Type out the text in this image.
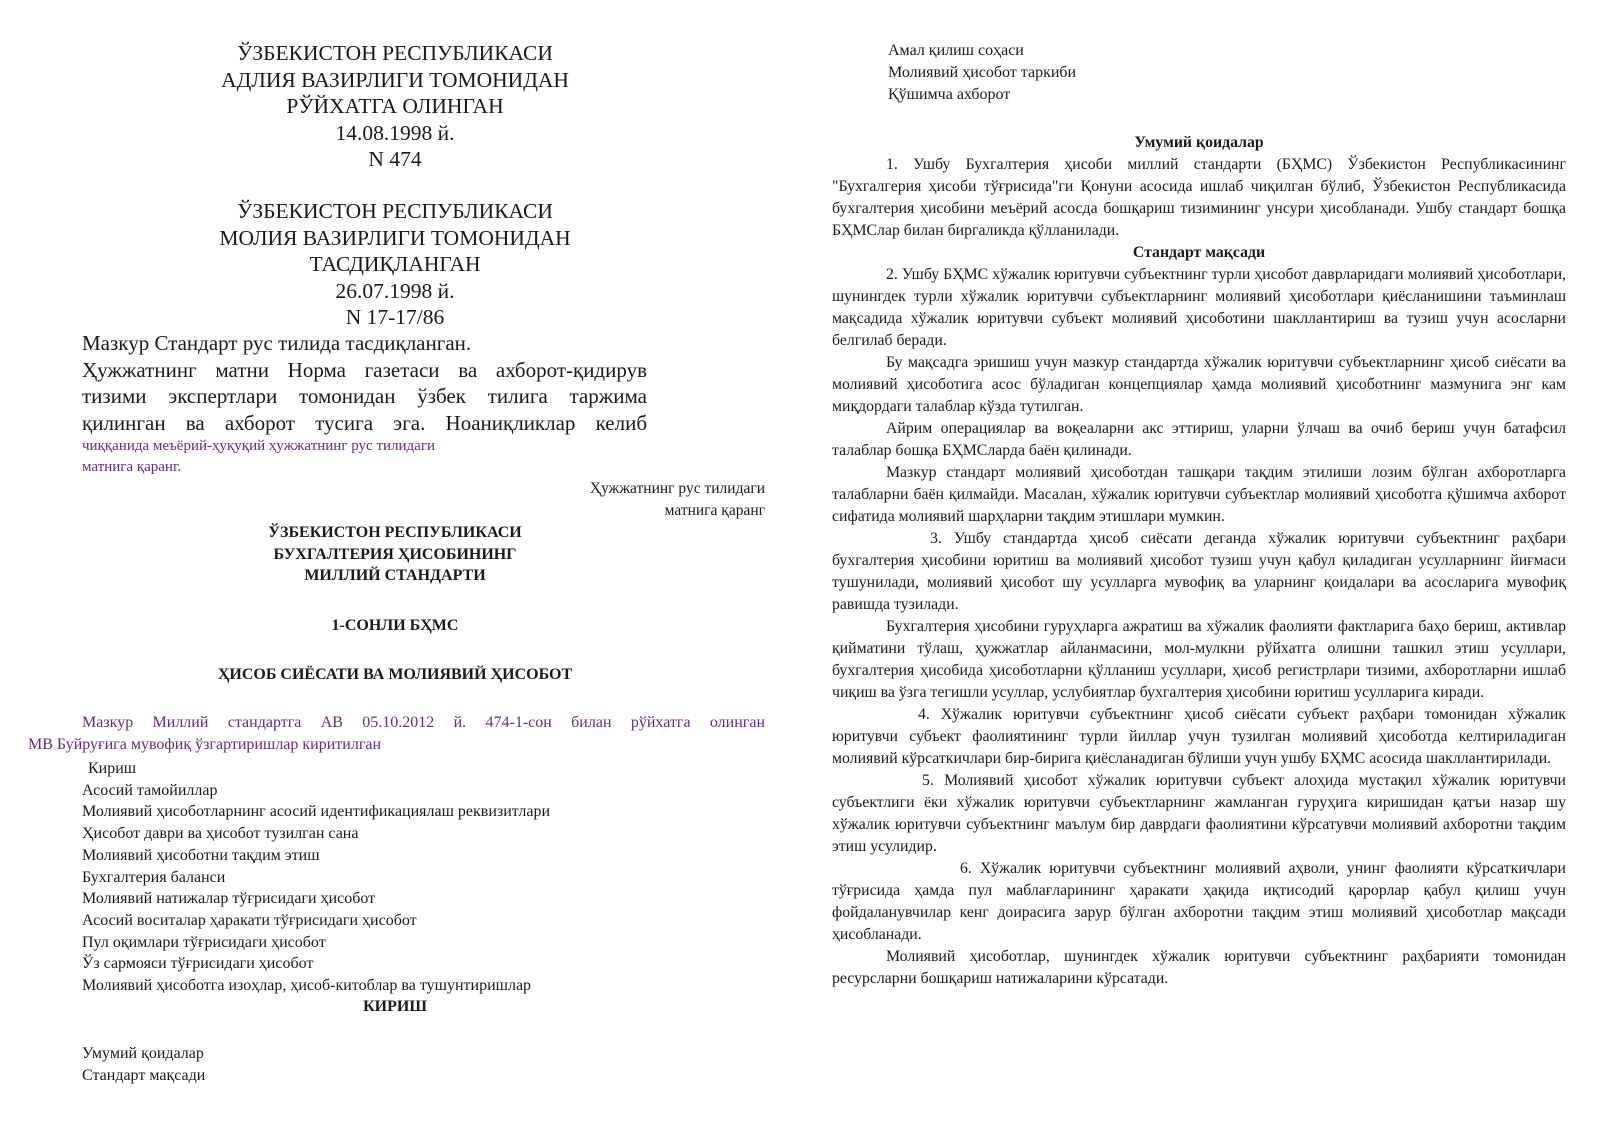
ЎЗБЕКИСТОН РЕСПУБЛИКАСИ
АДЛИЯ ВАЗИРЛИГИ ТОМОНИДАН
РЎЙХАТГА ОЛИНГАН
14.08.1998 й.
N 474
ЎЗБЕКИСТОН РЕСПУБЛИКАСИ
МОЛИЯ ВАЗИРЛИГИ ТОМОНИДАН
ТАСДИҚЛАНГАН
26.07.1998 й.
N 17-17/86
Мазкур Стандарт рус тилида тасдиқланган.
Ҳужжатнинг матни Норма газетаси ва ахборот-қидирув
тизими экспертлари томонидан ўзбек тилига таржима
қилинган ва ахборот тусига эга. Ноаниқликлар келиб
чиққанида меъёрий-ҳуқуқий ҳужжатнинг рус тилидаги
матнига қаранг.
Ҳужжатнинг рус тилидаги
матнига қаранг
ЎЗБЕКИСТОН РЕСПУБЛИКАСИ
БУХГАЛТЕРИЯ ҲИСОБИНИНГ
МИЛЛИЙ СТАНДАРТИ
1-СОНЛИ БҲМС
ҲИСОБ СИЁСАТИ ВА МОЛИЯВИЙ ҲИСОБОТ
Мазкур Миллий стандартга АВ 05.10.2012 й. 474-1-сон билан рўйхатга олинган
МВ Буйруғига мувофиқ ўзгартиришлар киритилган
Кириш
Асосий тамойиллар
Молиявий ҳисоботларнинг асосий идентификациялаш реквизитлари
Ҳисобот даври ва ҳисобот тузилган сана
Молиявий ҳисоботни тақдим этиш
Бухгалтерия баланси
Молиявий натижалар тўғрисидаги ҳисобот
Асосий воситалар ҳаракати тўғрисидаги ҳисобот
Пул оқимлари тўғрисидаги ҳисобот
Ўз сармояси тўғрисидаги ҳисобот
Молиявий ҳисоботга изоҳлар, ҳисоб-китоблар ва тушунтиришлар
КИРИШ
Умумий қоидалар
Стандарт мақсади
Амал қилиш соҳаси
Молиявий ҳисобот таркиби
Қўшимча ахборот
Умумий қоидалар

1. Ушбу Бухгалтерия ҳисоби миллий стандарти (БҲМС) Ўзбекистон Республикасининг "Бухгалгерия ҳисоби тўғрисида"ги Қонуни асосида ишлаб чиқилган бўлиб, Ўзбекистон Республикасида бухгалтерия ҳисобини меъёрий асосда бошқариш тизимининг унсури ҳисобланади. Ушбу стандарт бошқа БҲМСлар билан биргаликда қўлланилади.

Стандарт мақсади

2. Ушбу БҲМС хўжалик юритувчи субъектнинг турли ҳисобот даврларидаги молиявий ҳисоботлари, шунингдек турли хўжалик юритувчи субъектларнинг молиявий ҳисоботлари қиёсланишини таъминлаш мақсадида хўжалик юритувчи субъект молиявий ҳисоботини шакллантириш ва тузиш учун асосларни белгилаб беради.

Бу мақсадга эришиш учун мазкур стандартда хўжалик юритувчи субъектларнинг ҳисоб сиёсати ва молиявий ҳисоботига асос бўладиган концепциялар ҳамда молиявий ҳисоботнинг мазмунига энг кам миқдордаги талаблар кўзда тутилган.

Айрим операциялар ва воқеаларни акс эттириш, уларни ўлчаш ва очиб бериш учун батафсил талаблар бошқа БҲМСларда баён қилинади.

Мазкур стандарт молиявий ҳисоботдан ташқари тақдим этилиши лозим бўлган ахборотларга талабларни баён қилмайди. Масалан, хўжалик юритувчи субъектлар молиявий ҳисоботга қўшимча ахборот сифатида молиявий шарҳларни тақдим этишлари мумкин.

3. Ушбу стандартда ҳисоб сиёсати деганда хўжалик юритувчи субъектнинг раҳбари бухгалтерия ҳисобини юритиш ва молиявий ҳисобот тузиш учун қабул қиладиган усулларнинг йиғмаси тушунилади, молиявий ҳисобот шу усулларга мувофиқ ва уларнинг қоидалари ва асосларига мувофиқ равишда тузилади.

Бухгалтерия ҳисобини гуруҳларга ажратиш ва хўжалик фаолияти фактларига баҳо бериш, активлар қийматини тўлаш, ҳужжатлар айланмасини, мол-мулкни рўйхатга олишни ташкил этиш усуллари, бухгалтерия ҳисобида ҳисоботларни қўлланиш усуллари, ҳисоб регистрлари тизими, ахборотларни ишлаб чиқиш ва ўзга тегишли усуллар, услубиятлар бухгалтерия ҳисобини юритиш усулларига киради.

4. Хўжалик юритувчи субъектнинг ҳисоб сиёсати субъект раҳбари томонидан хўжалик юритувчи субъект фаолиятининг турли йиллар учун тузилган молиявий ҳисоботда келтириладиган молиявий кўрсаткичлари бир-бирига қиёсланадиган бўлиши учун ушбу БҲМС асосида шакллантирилади.

5. Молиявий ҳисобот хўжалик юритувчи субъект алоҳида мустақил хўжалик юритувчи субъектлиги ёки хўжалик юритувчи субъектларнинг жамланган гуруҳига киришидан қатъи назар шу хўжалик юритувчи субъектнинг маълум бир даврдаги фаолиятини кўрсатувчи молиявий ахборотни тақдим этиш усулидир.

6. Хўжалик юритувчи субъектнинг молиявий аҳволи, унинг фаолияти кўрсаткичлари тўғрисида ҳамда пул маблағларининг ҳаракати ҳақида иқтисодий қарорлар қабул қилиш учун фойдаланувчилар кенг доирасига зарур бўлган ахборотни тақдим этиш молиявий ҳисоботлар мақсади ҳисобланади.

Молиявий ҳисоботлар, шунингдек хўжалик юритувчи субъектнинг раҳбарияти томонидан ресурсларни бошқариш натижаларини кўрсатади.
